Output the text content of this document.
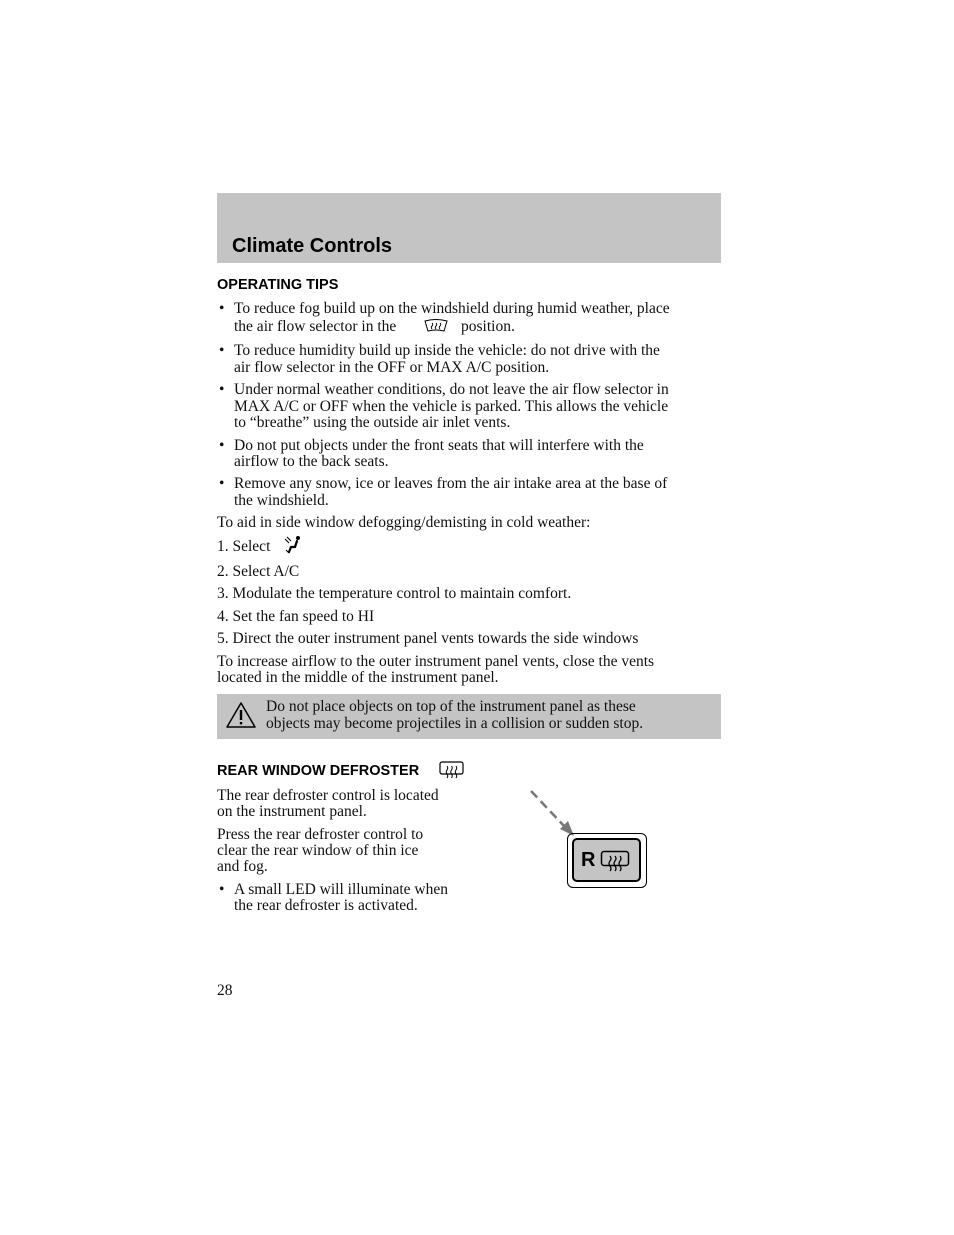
Climate Controls
OPERATING TIPS
• To reduce fog build up on the windshield during humid weather, place
the air flow selector in the	position.
• To reduce humidity build up inside the vehicle: do not drive with the
air flow selector in the OFF or MAX A/C position.
• Under normal weather conditions, do not leave the air flow selector in
MAX A/C or OFF when the vehicle is parked. This allows the vehicle
to “breathe” using the outside air inlet vents.
• Do not put objects under the front seats that will interfere with the
airflow to the back seats.
• Remove any snow, ice or leaves from the air intake area at the base of
the windshield.
To aid in side window defogging/demisting in cold weather:
1. Select
2. Select A/C
3. Modulate the temperature control to maintain comfort.
4. Set the fan speed to HI
5. Direct the outer instrument panel vents towards the side windows
To increase airflow to the outer instrument panel vents, close the vents
located in the middle of the instrument panel.
Do not place objects on top of the instrument panel as these
objects may become projectiles in a collision or sudden stop.
REAR WINDOW DEFROSTER
The rear defroster control is located
on the instrument panel.
Press the rear defroster control to
clear the rear window of thin ice
and fog.
• A small LED will illuminate when
the rear defroster is activated.
R
28
